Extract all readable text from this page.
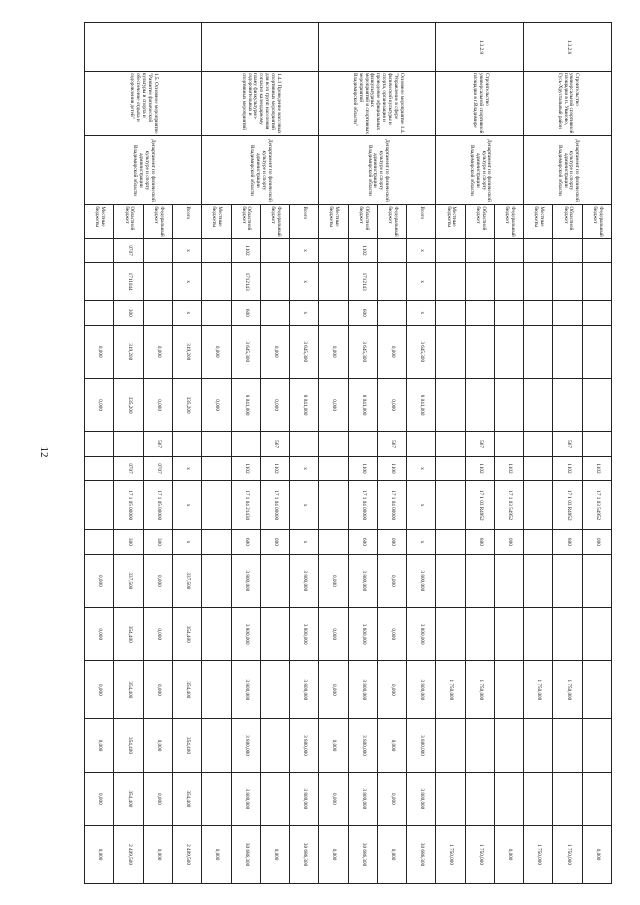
12
1.3.2.8	Строительство универсальной спортивной площадки в п. Уваново, Гусь-Хрустальный район	Департамент по физической культуре и спорту администрации Владимирской области	Федеральный бюджет							1102	17 1 03 54952	000						0,000
			Областной бюджет						567	1102	17 1 03 R4952	800			1 750,000			1 750,000
			Местные бюджеты												1 750,000			1 750,000
1.3.2.9	Строительство универсальной спортивной площадки в г.Владимире	Департамент по физической культуре и спорту администрации Владимирской области	Федеральный бюджет							1102	17 1 03 54952	000						0,000
			Областной бюджет						567	1102	17 1 03 R4952	800			1 750,000			1 750,000
			Местные бюджеты												1 750,000			1 750,000
	Основное мероприятие 1.4. "Управление в сфере физической культуры и спорта, организация и проведение официальных физкультурных мероприятий и спортивных мероприятий Владимирской области"	Департамент по физической культуре и спорту администрации Владимирской области	Всего	х	х	х	3 645,300	8 041,000		х	х	х	3 800,000	3 800,000	3 800,000	3 800,000	3 800,000	30 686,300
			Федеральный бюджет				0,000	0,000	567	1100	17 1 04 00000	000	0,000	0,000	0,000	0,000	0,000	0,000
			Областной бюджет	1102	1712143	600	3 645,300	8 041,000		1100	17 1 04 00000	600	3 800,000	3 800,000	3 800,000	3 800,000	3 800,000	30 686,300
			Местные бюджеты				0,000	0,000					0,000	0,000	0,000	0,000	0,000	0,000
	1.4.1 Проведение массовых спортивных мероприятий для всех групп населения согласно календарному плану физкультурно-оздоровительных и спортивных мероприятий	Департамент по физической культуре и спорту администрации Владимирской области	Всего	х	х	х	3 645,300	8 041,000		х	х	х	3 800,000	3 800,000	3 800,000	3 800,000	3 800,000	30 686,300
			Федеральный бюджет				0,000	0,000	567	1102	17 1 04 00000	000						0,000
			Областной бюджет	1102	1712143	600	3 645,300	8 041,000		1102	17 1 04 21430	600	3 800,000	3 800,000	3 800,000	3 800,000	3 800,000	30 686,300
			Местные бюджеты				0,000	0,000										0,000
	1.5. Основное мероприятие "Развитие физической культуры и спорта и обеспечение отдыха и оздоровления детей"	Департамент по физической культуре и спорту администрации Владимирской области	Всего	х	х	х	319,200	335,200		х	х	х	337,500	354,400	354,400	354,400	354,400	2 409,500
			Федеральный бюджет				0,000	0,000	567	0707	17 1 05 00000	300	0,000	0,000	0,000	0,000	0,000	0,000
			Областной бюджет	0707	1711044	300	319,200	335,200		0707	17 1 05 00000	300	337,500	354,400	354,400	354,400	354,400	2 409,500
			Местные бюджеты				0,000	0,000					0,000	0,000	0,000	0,000	0,000	0,000
